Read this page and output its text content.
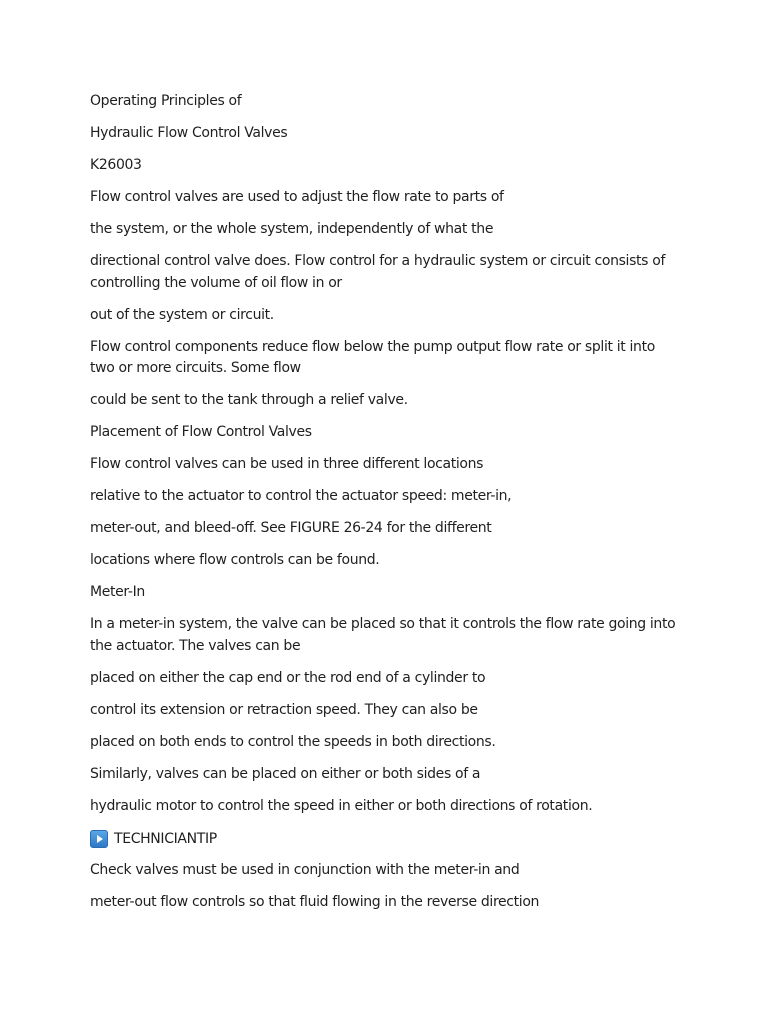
Operating Principles of

Hydraulic Flow Control Valves

K26003

Flow control valves are used to adjust the flow rate to parts of

the system, or the whole system, independently of what the

directional control valve does. Flow control for a hydraulic system or circuit consists of controlling the volume of oil flow in or

out of the system or circuit.

Flow control components reduce flow below the pump output flow rate or split it into two or more circuits. Some flow

could be sent to the tank through a relief valve.

Placement of Flow Control Valves

Flow control valves can be used in three different locations

relative to the actuator to control the actuator speed: meter-in,

meter-out, and bleed-off. See FIGURE 26-24 for the different

locations where flow controls can be found.

Meter-In

In a meter-in system, the valve can be placed so that it controls the flow rate going into the actuator. The valves can be

placed on either the cap end or the rod end of a cylinder to

control its extension or retraction speed. They can also be

placed on both ends to control the speeds in both directions.

Similarly, valves can be placed on either or both sides of a

hydraulic motor to control the speed in either or both directions of rotation.

TECHNICIANTIP

Check valves must be used in conjunction with the meter-in and

meter-out flow controls so that fluid flowing in the reverse direction
